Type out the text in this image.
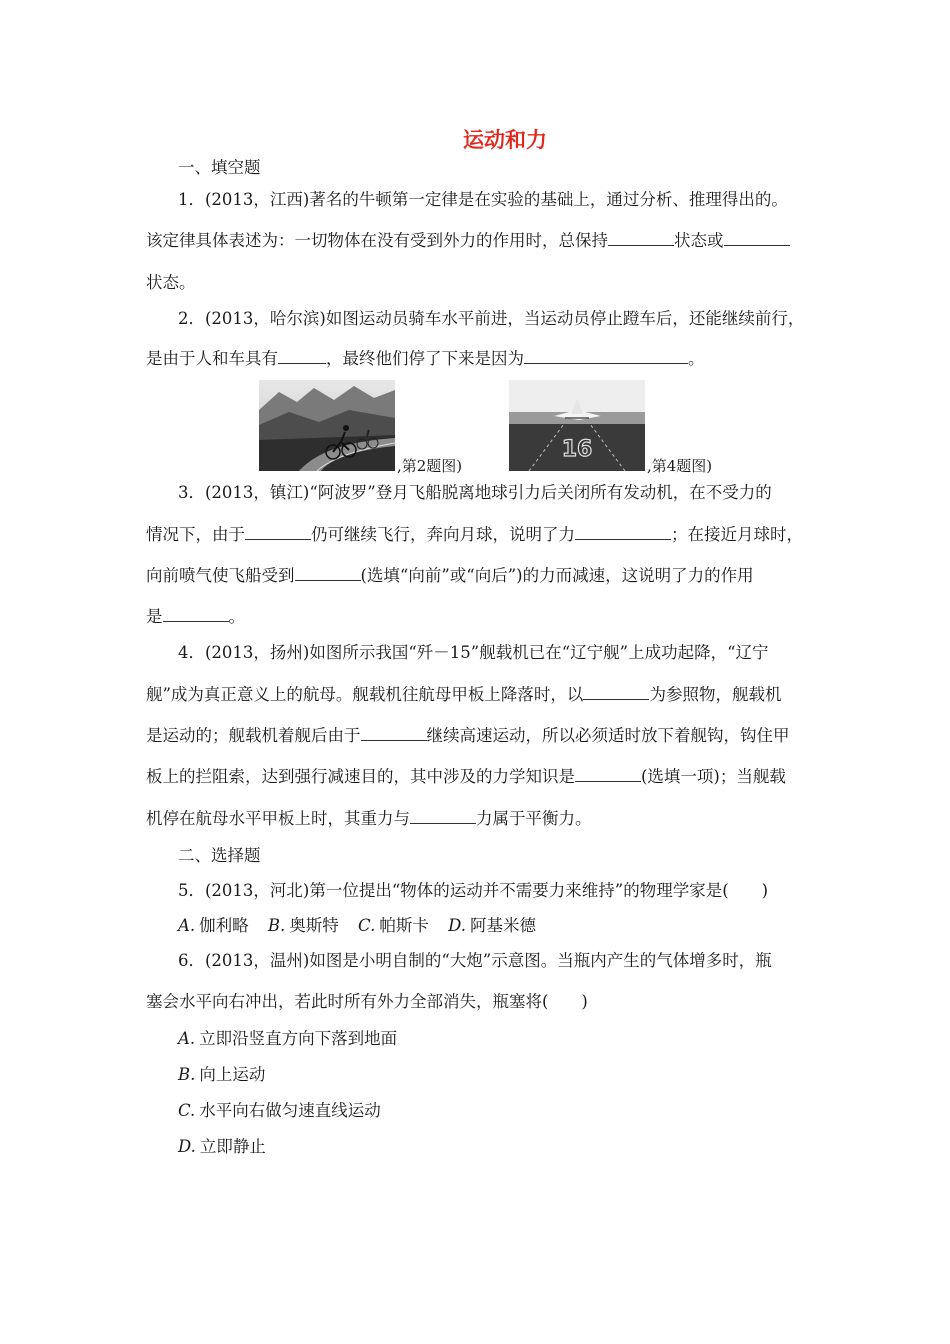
运动和力
一、填空题
1．(2013，江西)著名的牛顿第一定律是在实验的基础上，通过分析、推理得出的。
该定律具体表述为：一切物体在没有受到外力的作用时，总保持	状态或
状态。
2．(2013，哈尔滨)如图运动员骑车水平前进，当运动员停止蹬车后，还能继续前行，
是由于人和车具有	，最终他们停了下来是因为	。
,第2题图)
16
,第4题图)
3．(2013，镇江)“阿波罗”登月飞船脱离地球引力后关闭所有发动机，在不受力的
情况下，由于	仍可继续飞行，奔向月球，说明了力	；在接近月球时，
向前喷气使飞船受到	(选填“向前”或“向后”)的力而减速，这说明了力的作用
是	。
4．(2013，扬州)如图所示我国“歼－15”舰载机已在“辽宁舰”上成功起降，“辽宁
舰”成为真正意义上的航母。舰载机往航母甲板上降落时，以	为参照物，舰载机
是运动的；舰载机着舰后由于	继续高速运动，所以必须适时放下着舰钩，钩住甲
板上的拦阻索，达到强行减速目的，其中涉及的力学知识是	(选填一项)；当舰载
机停在航母水平甲板上时，其重力与	力属于平衡力。
二、选择题
5．(2013，河北)第一位提出“物体的运动并不需要力来维持”的物理学家是(　　)
A. 伽利略 B. 奥斯特 C. 帕斯卡 D. 阿基米德
6．(2013，温州)如图是小明自制的“大炮”示意图。当瓶内产生的气体增多时，瓶
塞会水平向右冲出，若此时所有外力全部消失，瓶塞将(　　)
A. 立即沿竖直方向下落到地面
B. 向上运动
C. 水平向右做匀速直线运动
D. 立即静止
